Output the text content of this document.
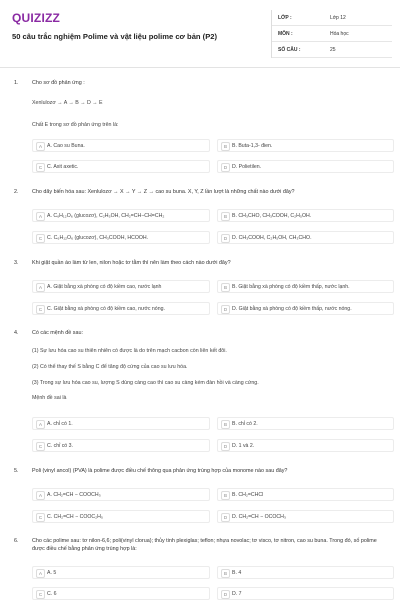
QUIZIZZ
50 câu trắc nghiệm Polime và vật liệu polime cơ bản (P2)
LỚP :	Lớp 12
MÔN :	Hóa học
SỐ CÂU :	25
1.	Cho sơ đồ phản ứng :
Xenlulozơ → A → B → D → E
Chất E trong sơ đồ phản ứng trên là:
A A. Cao su Buna.	B B. Buta-1,3- đien.
C C. Axit axetic.	D D. Polietilen.
2.	Cho dãy biến hóa sau: Xenlulozơ → X → Y → Z → cao su buna. X, Y, Z lần lượt là những chất nào dưới đây?
A A. C₆H₁₂O₆ (glucozơ), C₂H₅OH, CH₂=CH−CH=CH₂	B B. CH₃CHO, CH₃COOH, C₂H₅OH.
C C. C₆H₁₂O₆ (glucozơ), CH₃COOH, HCOOH.	D D. CH₃COOH, C₂H₅OH, CH₃CHO.
3.	Khi giặt quần áo làm từ len, nilon hoặc tơ tằm thì nên làm theo cách nào dưới đây?
A A. Giặt bằng xà phòng có độ kiềm cao, nước lạnh	B B. Giặt bằng xà phòng có độ kiềm thấp, nước lạnh.
C C. Giặt bằng xà phòng có độ kiềm cao, nước nóng.	D D. Giặt bằng xà phòng có độ kiềm thấp, nước nóng.
4.	Có các mệnh đề sau:
(1) Sự lưu hóa cao su thiên nhiên có được là do trên mạch cacbon còn liên kết đôi.
(2) Có thể thay thế S bằng C để tăng độ cứng của cao su lưu hóa.
(3) Trong sự lưu hóa cao su, lượng S dùng càng cao thì cao su càng kém đàn hồi và càng cứng.
Mệnh đề sai là
A A. chỉ có 1.	B B. chỉ có 2.
C C. chỉ có 3.	D D. 1 và 2.
5.	Poli (vinyl ancol) (PVA) là polime được điều chế thông qua phản ứng trùng hợp của monome nào sau đây?
A A. CH₂=CH − COOCH₃	B B. CH₂=CHCl
C C. CH₂=CH − COOC₂H₅	D D. CH₂=CH − OCOCH₃
6.	Cho các polime sau: tơ nilon-6,6; poli(vinyl clorua); thủy tinh plexiglas; teflon; nhựa novolac; tơ visco, tơ nitron, cao su buna. Trong đó, số polime được điều chế bằng phản ứng trùng hợp là:
A A. 5	B B. 4
C C. 6	D D. 7
